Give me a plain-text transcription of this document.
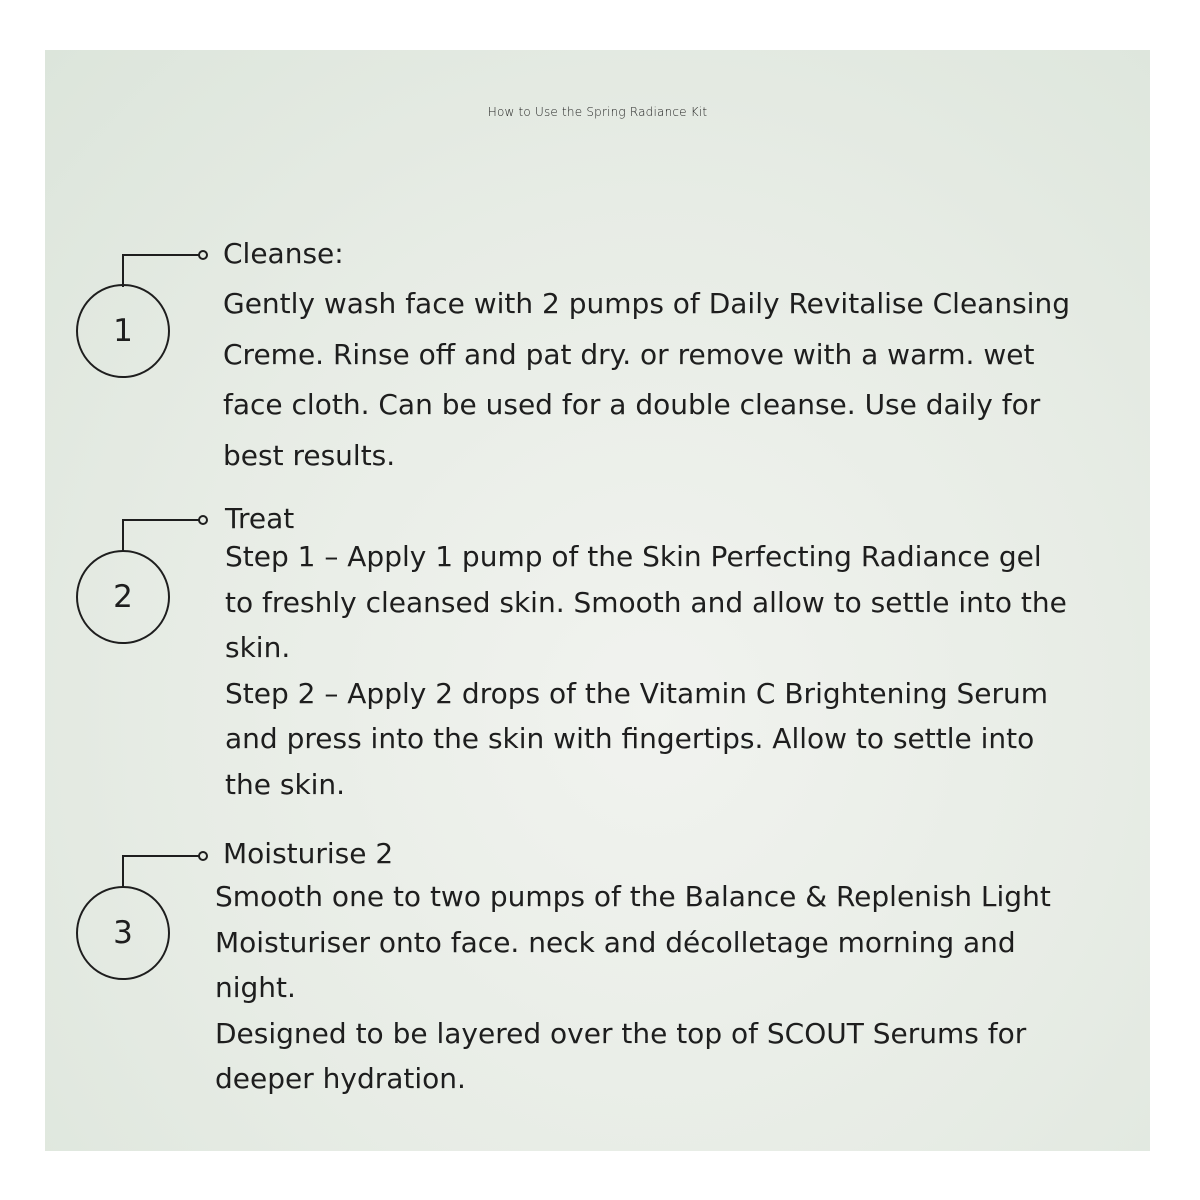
How to Use the Spring Radiance Kit
1
Cleanse:
Gently wash face with 2 pumps of Daily Revitalise Cleansing
Creme. Rinse off and pat dry. or remove with a warm. wet
face cloth. Can be used for a double cleanse. Use daily for
best results.
2
Treat
Step 1 – Apply 1 pump of the Skin Perfecting Radiance gel
to freshly cleansed skin. Smooth and allow to settle into the
skin.
Step 2 – Apply 2 drops of the Vitamin C Brightening Serum
and press into the skin with fingertips. Allow to settle into
the skin.
3
Moisturise 2
Smooth one to two pumps of the Balance & Replenish Light
Moisturiser onto face. neck and décolletage morning and
night.
Designed to be layered over the top of SCOUT Serums for
deeper hydration.
